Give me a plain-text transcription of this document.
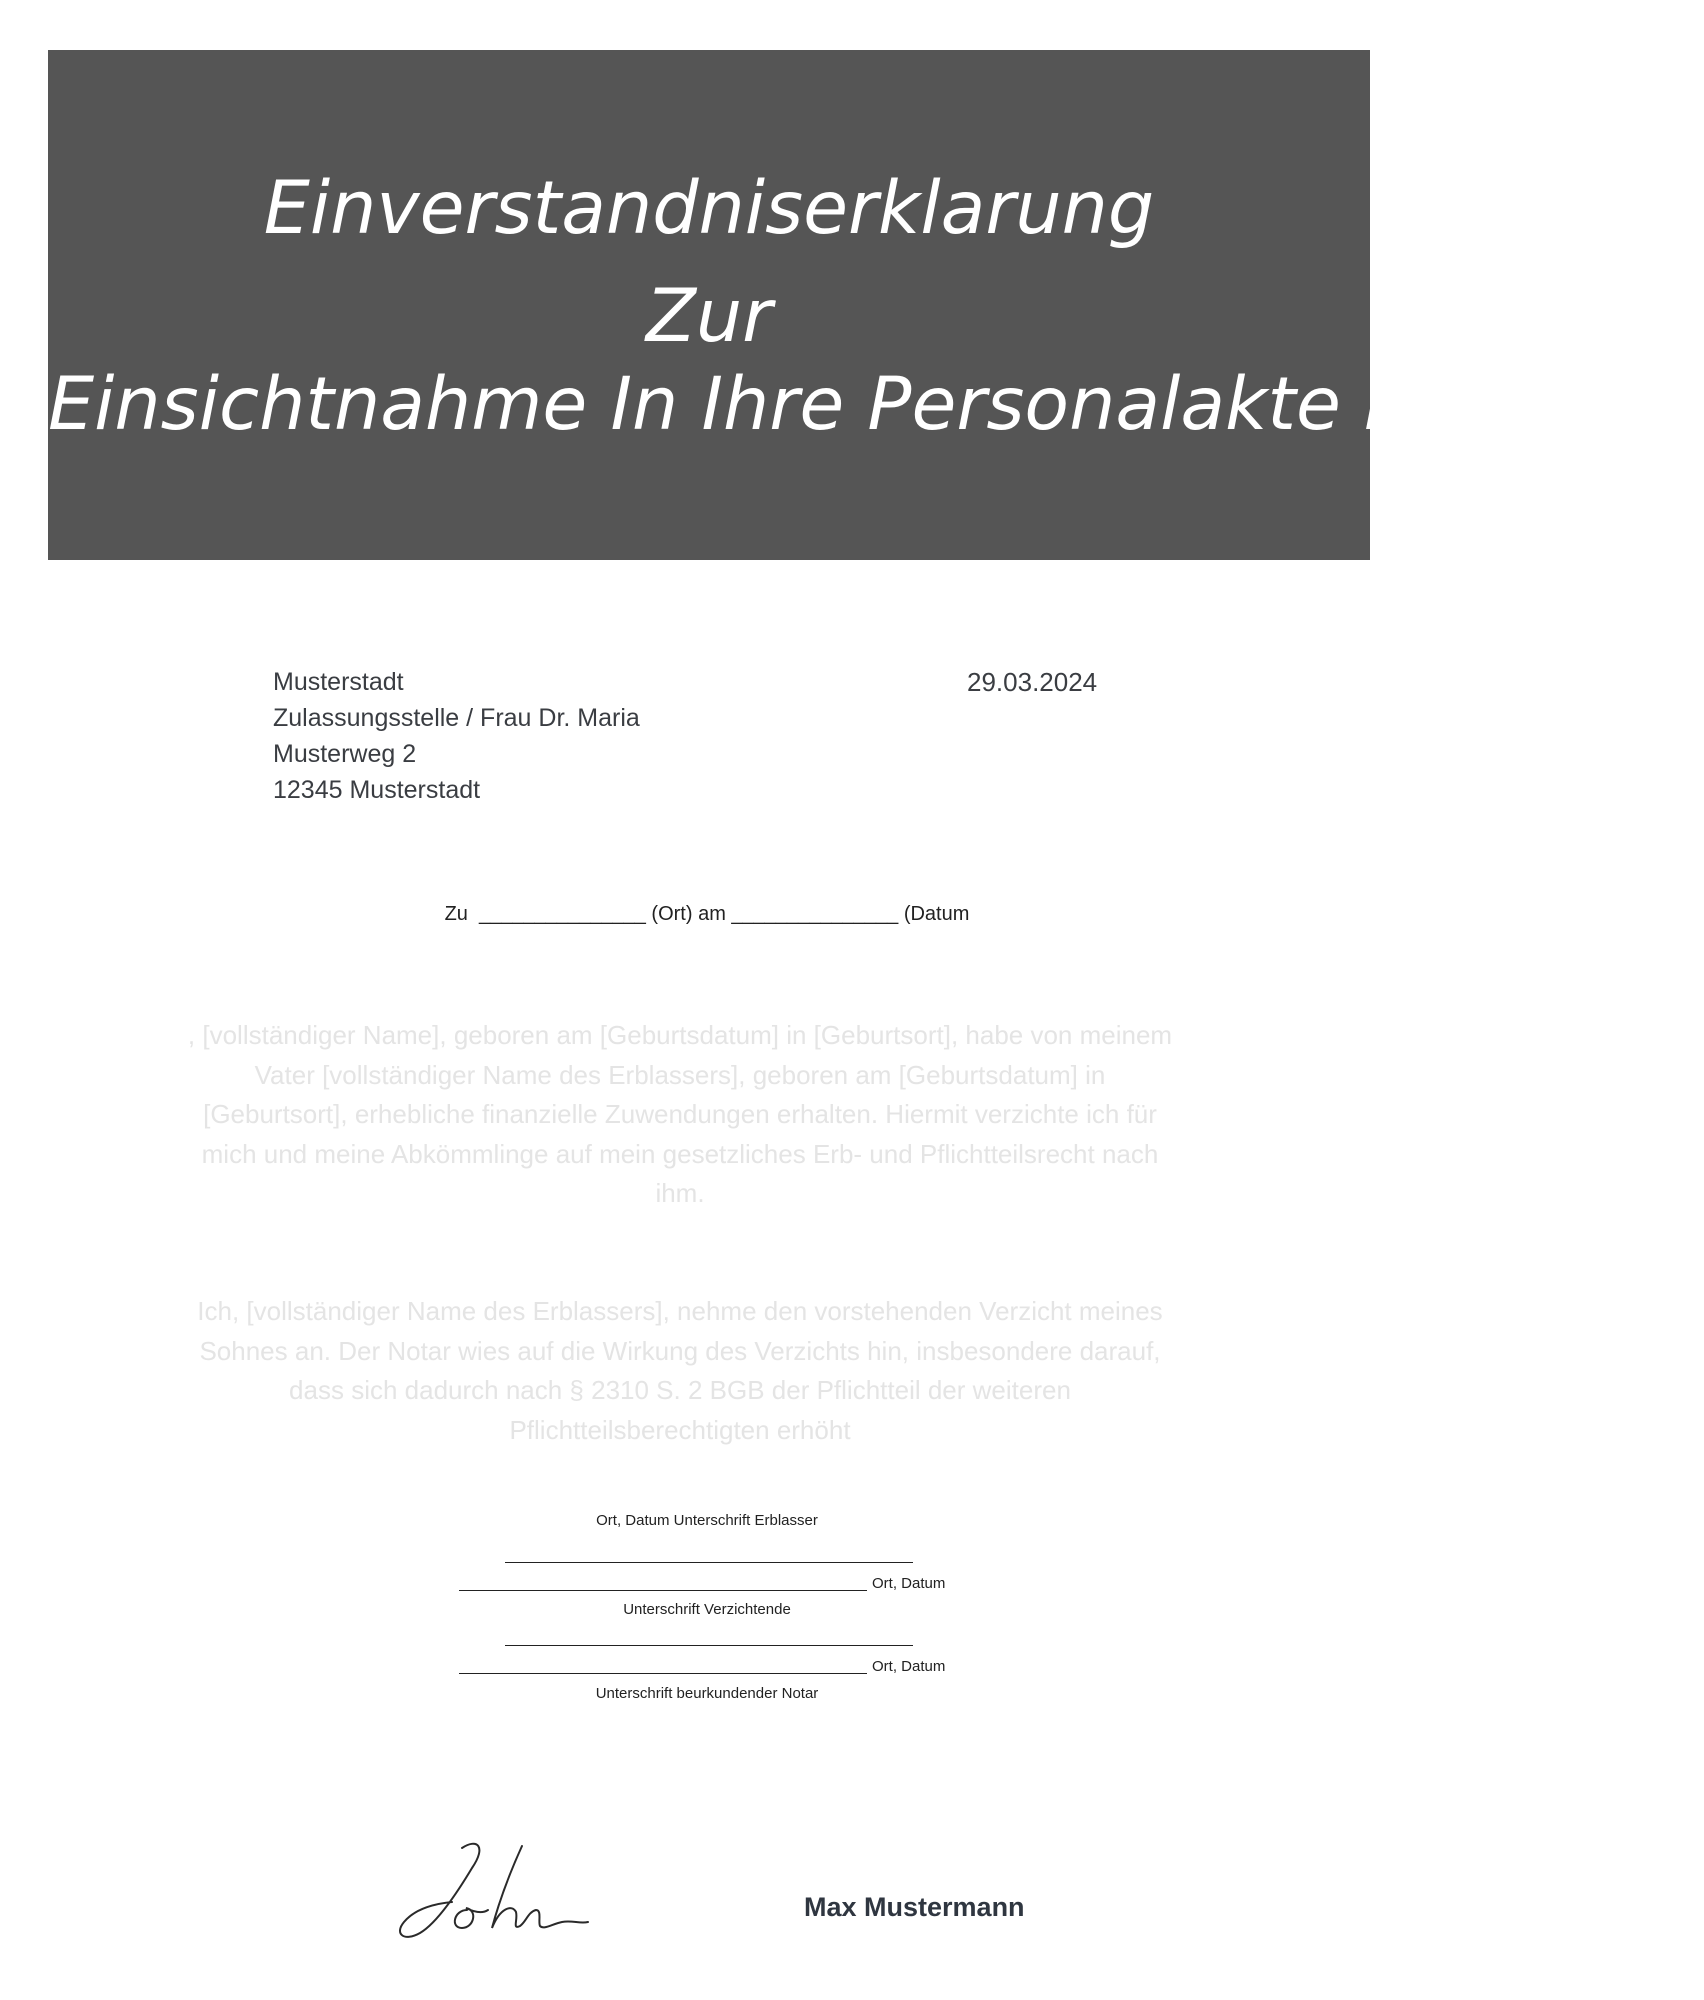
Einverstandniserklarung
Zur
Einsichtnahme In Ihre Personalakte Hamburg
Musterstadt
Zulassungsstelle / Frau Dr. Maria
Musterweg 2
12345 Musterstadt
29.03.2024
Zu  _______________ (Ort) am _______________ (Datum
, [vollständiger Name], geboren am [Geburtsdatum] in [Geburtsort], habe von meinem Vater [vollständiger Name des Erblassers], geboren am [Geburtsdatum] in [Geburtsort], erhebliche finanzielle Zuwendungen erhalten. Hiermit verzichte ich für mich und meine Abkömmlinge auf mein gesetzliches Erb- und Pflichtteilsrecht nach ihm.
Ich, [vollständiger Name des Erblassers], nehme den vorstehenden Verzicht meines Sohnes an. Der Notar wies auf die Wirkung des Verzichts hin, insbesondere darauf, dass sich dadurch nach § 2310 S. 2 BGB der Pflichtteil der weiteren Pflichtteilsberechtigten erhöht
Ort, Datum Unterschrift Erblasser
Ort, Datum
Unterschrift Verzichtende
Ort, Datum
Unterschrift beurkundender Notar
Max Mustermann
